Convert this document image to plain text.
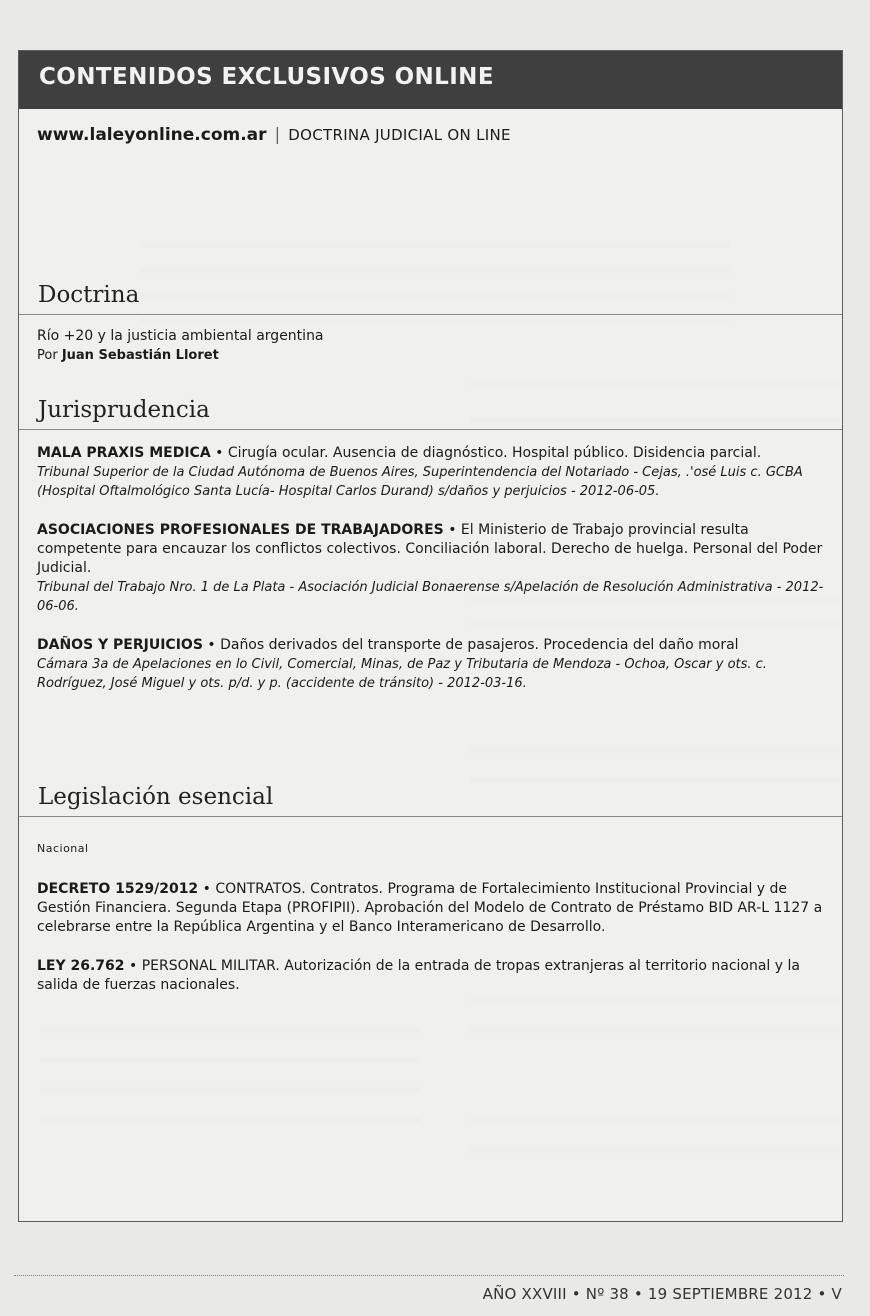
CONTENIDOS EXCLUSIVOS ONLINE
www.laleyonline.com.ar | DOCTRINA JUDICIAL ON LINE
Doctrina

Río +20 y la justicia ambiental argentina

Por Juan Sebastián Lloret

Jurisprudencia

MALA PRAXIS MEDICA • Cirugía ocular. Ausencia de diagnóstico. Hospital público. Disidencia parcial.

Tribunal Superior de la Ciudad Autónoma de Buenos Aires, Superintendencia del Notariado - Cejas, .'osé Luis c. GCBA (Hospital Oftalmológico Santa Lucía- Hospital Carlos Durand) s/daños y perjuicios - 2012-06-05.

ASOCIACIONES PROFESIONALES DE TRABAJADORES • El Ministerio de Trabajo provincial resulta competente para encauzar los conflictos colectivos. Conciliación laboral. Derecho de huelga. Personal del Poder Judicial.

Tribunal del Trabajo Nro. 1 de La Plata - Asociación Judicial Bonaerense s/Apelación de Resolución Administrativa - 2012-06-06.

DAÑOS Y PERJUICIOS • Daños derivados del transporte de pasajeros. Procedencia del daño moral

Cámara 3a de Apelaciones en lo Civil, Comercial, Minas, de Paz y Tributaria de Mendoza - Ochoa, Oscar y ots. c. Rodríguez, José Miguel y ots. p/d. y p. (accidente de tránsito) - 2012-03-16.

Legislación esencial
Nacional

DECRETO 1529/2012 • CONTRATOS. Contratos. Programa de Fortalecimiento Institucional Provincial y de Gestión Financiera. Segunda Etapa (PROFIPII). Aprobación del Modelo de Contrato de Préstamo BID AR-L 1127 a celebrarse entre la República Argentina y el Banco Interamericano de Desarrollo.

LEY 26.762 • PERSONAL MILITAR. Autorización de la entrada de tropas extranjeras al territorio nacional y la salida de fuerzas nacionales.

AÑO XXVIII • Nº 38 • 19 SEPTIEMBRE 2012 • V
